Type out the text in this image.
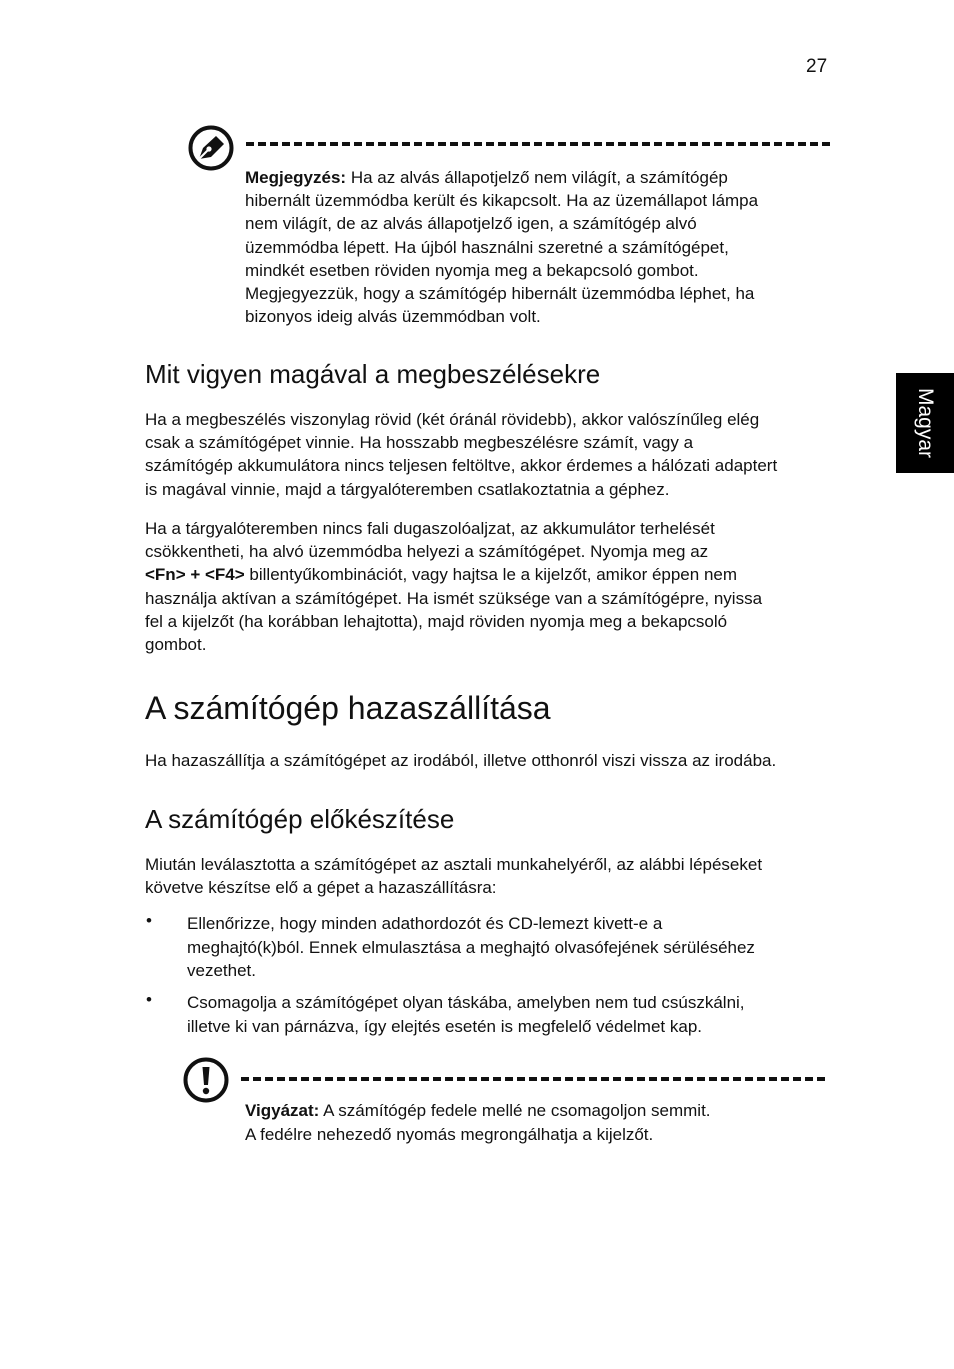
27
Magyar
Megjegyzés: Ha az alvás állapotjelző nem világít, a számítógép
hibernált üzemmódba került és kikapcsolt. Ha az üzemállapot lámpa
nem világít, de az alvás állapotjelző igen, a számítógép alvó
üzemmódba lépett. Ha újból használni szeretné a számítógépet,
mindkét esetben röviden nyomja meg a bekapcsoló gombot.
Megjegyezzük, hogy a számítógép hibernált üzemmódba léphet, ha
bizonyos ideig alvás üzemmódban volt.
Mit vigyen magával a megbeszélésekre
Ha a megbeszélés viszonylag rövid (két óránál rövidebb), akkor valószínűleg elég
csak a számítógépet vinnie. Ha hosszabb megbeszélésre számít, vagy a
számítógép akkumulátora nincs teljesen feltöltve, akkor érdemes a hálózati adaptert
is magával vinnie, majd a tárgyalóteremben csatlakoztatnia a géphez.
Ha a tárgyalóteremben nincs fali dugaszolóaljzat, az akkumulátor terhelését
csökkentheti, ha alvó üzemmódba helyezi a számítógépet. Nyomja meg az
<Fn> + <F4> billentyűkombinációt, vagy hajtsa le a kijelzőt, amikor éppen nem
használja aktívan a számítógépet. Ha ismét szüksége van a számítógépre, nyissa
fel a kijelzőt (ha korábban lehajtotta), majd röviden nyomja meg a bekapcsoló
gombot.
A számítógép hazaszállítása
Ha hazaszállítja a számítógépet az irodából, illetve otthonról viszi vissza az irodába.
A számítógép előkészítése
Miután leválasztotta a számítógépet az asztali munkahelyéről, az alábbi lépéseket
követve készítse elő a gépet a hazaszállításra:
• Ellenőrizze, hogy minden adathordozót és CD-lemezt kivett-e a
meghajtó(k)ból. Ennek elmulasztása a meghajtó olvasófejének sérüléséhez
vezethet.
• Csomagolja a számítógépet olyan táskába, amelyben nem tud csúszkálni,
illetve ki van párnázva, így elejtés esetén is megfelelő védelmet kap.
Vigyázat: A számítógép fedele mellé ne csomagoljon semmit.
A fedélre nehezedő nyomás megrongálhatja a kijelzőt.
